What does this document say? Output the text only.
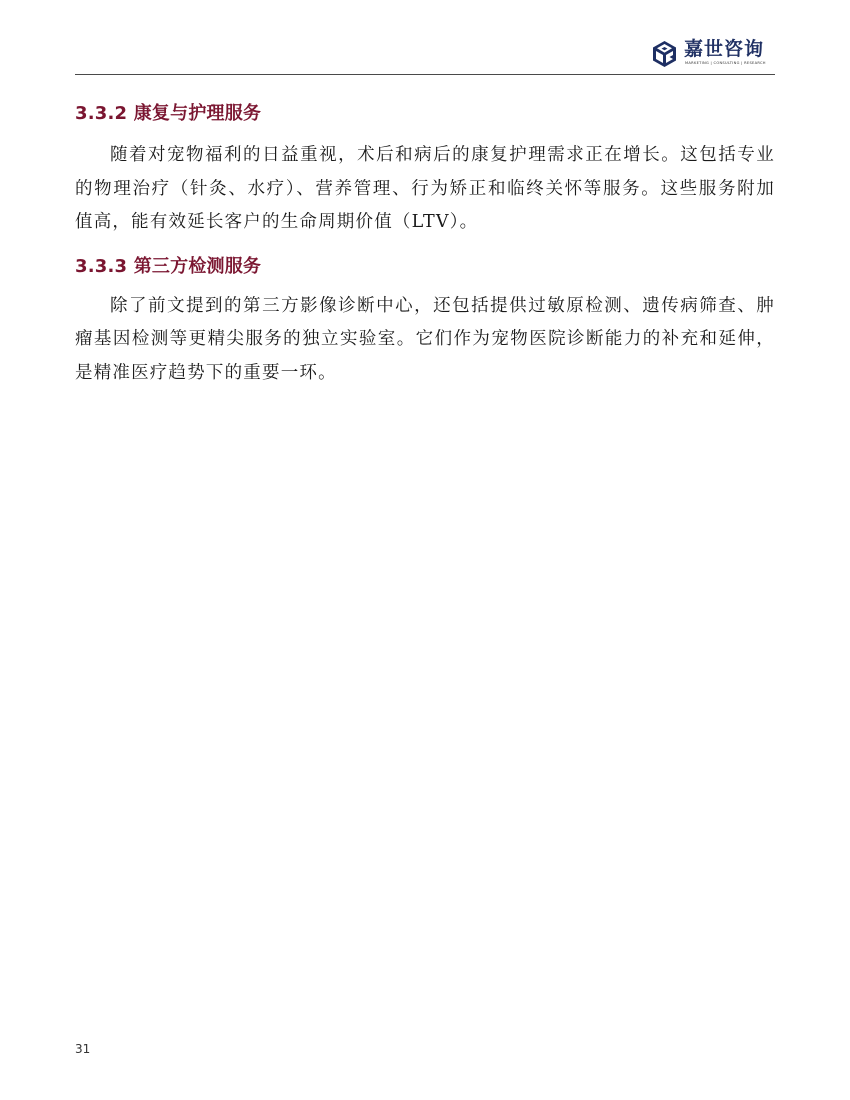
嘉世咨询
MARKETING | CONSULTING | RESEARCH
3.3.2 康复与护理服务

随着对宠物福利的日益重视，术后和病后的康复护理需求正在增长。这包括专业的物理治疗（针灸、水疗）、营养管理、行为矫正和临终关怀等服务。这些服务附加值高，能有效延长客户的生命周期价值（LTV）。

3.3.3 第三方检测服务

除了前文提到的第三方影像诊断中心，还包括提供过敏原检测、遗传病筛查、肿瘤基因检测等更精尖服务的独立实验室。它们作为宠物医院诊断能力的补充和延伸，是精准医疗趋势下的重要一环。

31
